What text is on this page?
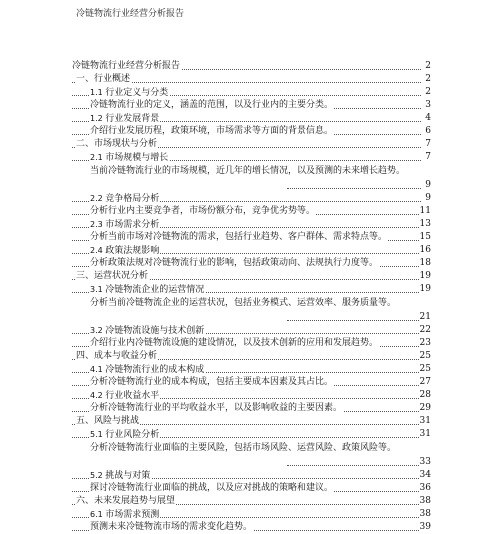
冷链物流行业经营分析报告
冷链物流行业经营分析报告	2
一、行业概述	2
1.1 行业定义与分类	2
冷链物流行业的定义，涵盖的范围，以及行业内的主要分类。	3
1.2 行业发展背景	4
介绍行业发展历程，政策环境，市场需求等方面的背景信息。	6
二、市场现状与分析	7
2.1 市场规模与增长	7
当前冷链物流行业的市场规模，近几年的增长情况，以及预测的未来增长趋势。
9
2.2 竞争格局分析	9
分析行业内主要竞争者，市场份额分布，竞争优劣势等。	11
2.3 市场需求分析	13
分析当前市场对冷链物流的需求，包括行业趋势、客户群体、需求特点等。	15
2.4 政策法规影响	16
分析政策法规对冷链物流行业的影响，包括政策动向、法规执行力度等。	18
三、运营状况分析	19
3.1 冷链物流企业的运营情况	19
分析当前冷链物流企业的运营状况，包括业务模式、运营效率、服务质量等。
21
3.2 冷链物流设施与技术创新	22
介绍行业内冷链物流设施的建设情况，以及技术创新的应用和发展趋势。	23
四、成本与收益分析	25
4.1 冷链物流行业的成本构成	25
分析冷链物流行业的成本构成，包括主要成本因素及其占比。	27
4.2 行业收益水平	28
分析冷链物流行业的平均收益水平，以及影响收益的主要因素。	29
五、风险与挑战	31
5.1 行业风险分析	31
分析冷链物流行业面临的主要风险，包括市场风险、运营风险、政策风险等。
33
5.2 挑战与对策	34
探讨冷链物流行业面临的挑战，以及应对挑战的策略和建议。	36
六、未来发展趋势与展望	38
6.1 市场需求预测	38
预测未来冷链物流市场的需求变化趋势。	39
